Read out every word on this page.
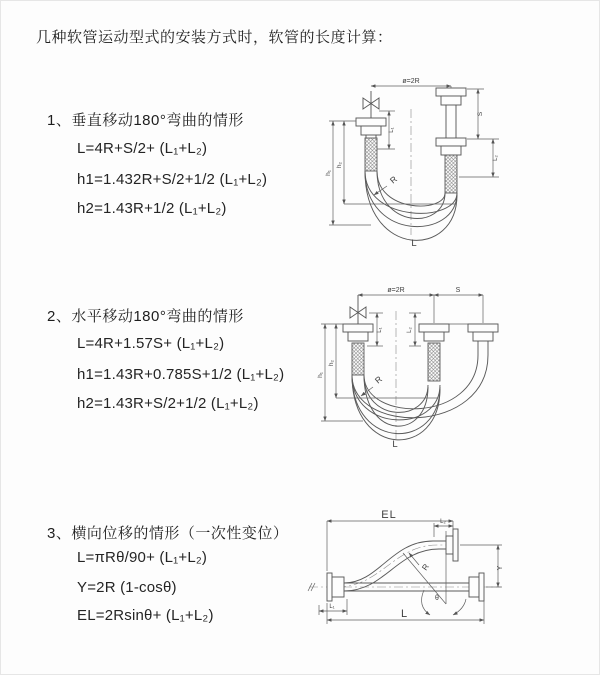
几种软管运动型式的安装方式时，软管的长度计算：
1、垂直移动180°弯曲的情形
L=4R+S/2+ (L₁+L₂)
h1=1.432R+S/2+1/2 (L₁+L₂)
h2=1.43R+1/2 (L₁+L₂)
2、水平移动180°弯曲的情形
L=4R+1.57S+ (L₁+L₂)
h1=1.43R+0.785S+1/2 (L₁+L₂)
h2=1.43R+S/2+1/2 (L₁+L₂)
3、横向位移的情形（一次性变位）
L=πRθ/90+ (L₁+L₂)
Y=2R (1-cosθ)
EL=2Rsinθ+ (L₁+L₂)
ø=2R
L₁
S
L₂
h₁
h₂
R
L
ø=2R	S
L₁	L₂
h₁
h₂
R
L
EL
L₂
Y
R
θ
L
L₁
